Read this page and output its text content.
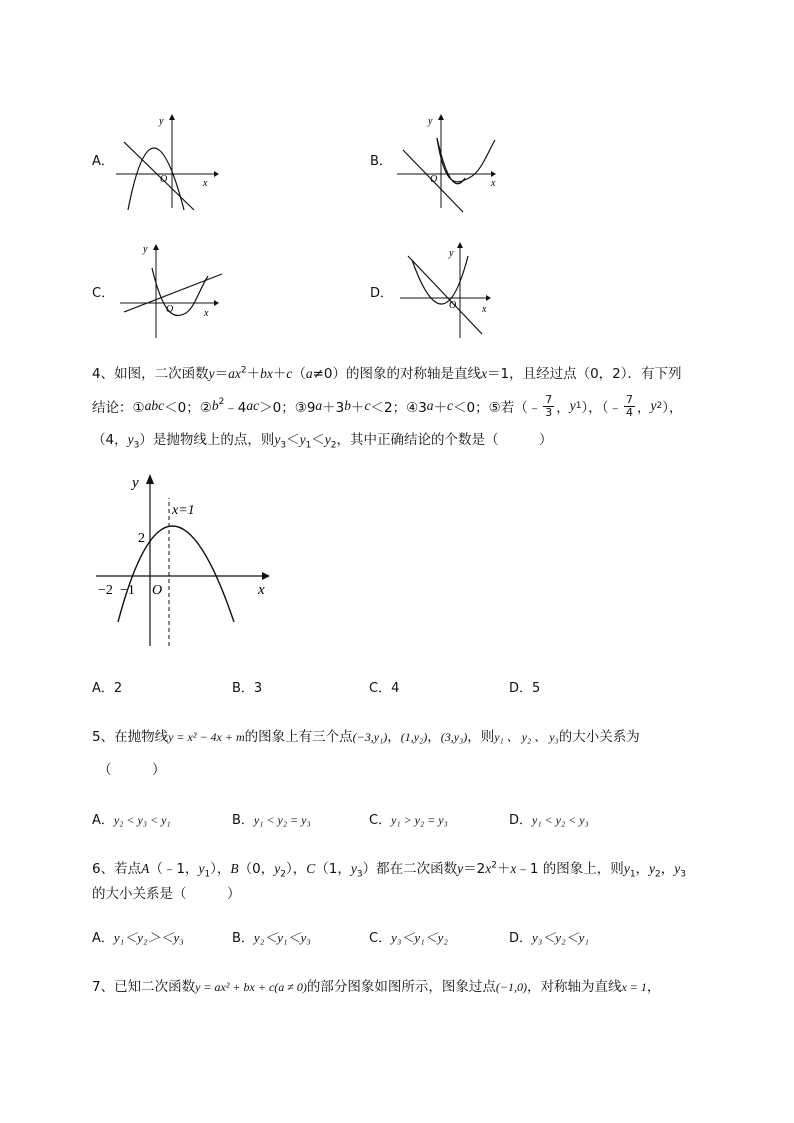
A．
y
x
O
B．
y
x
O
C．
y
x
O
D．
y
x
O
4、如图，二次函数$y=ax^2+bx+c(a\ne 0)$的图象的对称轴是直线x＝1，且经过点（0，2）．有下列
结论：① abc ＜0；② $b^2$ ﹣4 ac ＞0；③9 a ＋3 b ＋ c ＜2；④3 a ＋ c ＜0；⑤若（﹣ $\frac{7}{3}$ ， y 1 ），（﹣ $\frac{7}{4}$ ， y 2 ），
（4，$y_3$）是抛物线上的点，则$y_3<y_1<y_2$，其中正确结论的个数是（　　　）
y
x
x=1
2
−2 −1 O
A．2	B．3	C．4	D．5
5、在抛物线y = x² − 4x + m的图象上有三个点(−3,y₁)，(1,y₂)，(3,y₃)，则y₁ 、 y₂ 、 y₃的大小关系为
（　　　）
A．y₂ < y₃ < y₁	B．y₁ < y₂ = y₃	C．y₁ > y₂ = y₃	D．y₁ < y₂ < y₃
6、若点A（﹣1，$y_1$），B（0，$y_2$），C（1，$y_3$）都在二次函数$y=2x^2+x﹣1$ 的图象上，则$y_1$，$y_2$，$y_3$
的大小关系是（　　　）
A．y₁＜y₂＞＜y₃	B．y₂＜y₁＜y₃	C．y₃＜y₁＜y₂	D．y₃＜y₂＜y₁
7、已知二次函数y = ax² + bx + c(a ≠ 0)的部分图象如图所示，图象过点(−1,0)，对称轴为直线x = 1，
